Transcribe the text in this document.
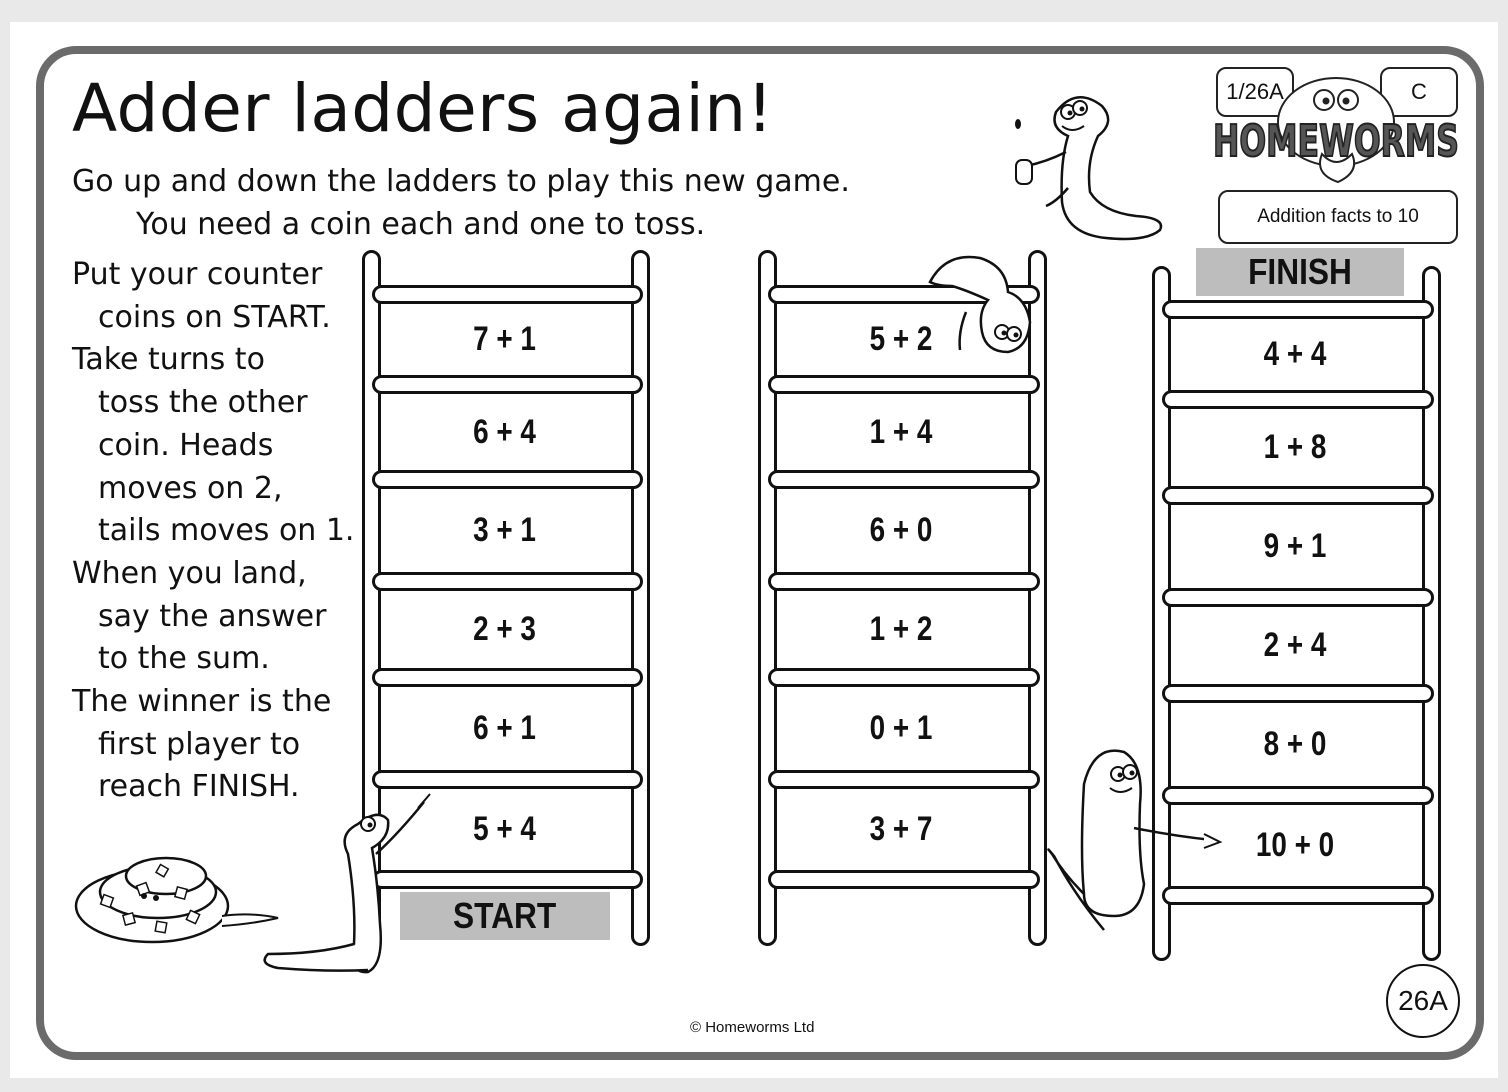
Adder ladders again!
Go up and down the ladders to play this new game.
You need a coin each and one to toss.
Put your counter
coins on START.
Take turns to
toss the other
coin. Heads
moves on 2,
tails moves on 1.
When you land,
say the answer
to the sum.
The winner is the
first player to
reach FINISH.
1/26A	C
HOMEWORMS
Addition facts to 10
7 + 1
6 + 4
3 + 1
2 + 3
6 + 1
5 + 4
5 + 2
1 + 4
6 + 0
1 + 2
0 + 1
3 + 7
4 + 4
1 + 8
9 + 1
2 + 4
8 + 0
10 + 0
START
FINISH
26A
© Homeworms Ltd
